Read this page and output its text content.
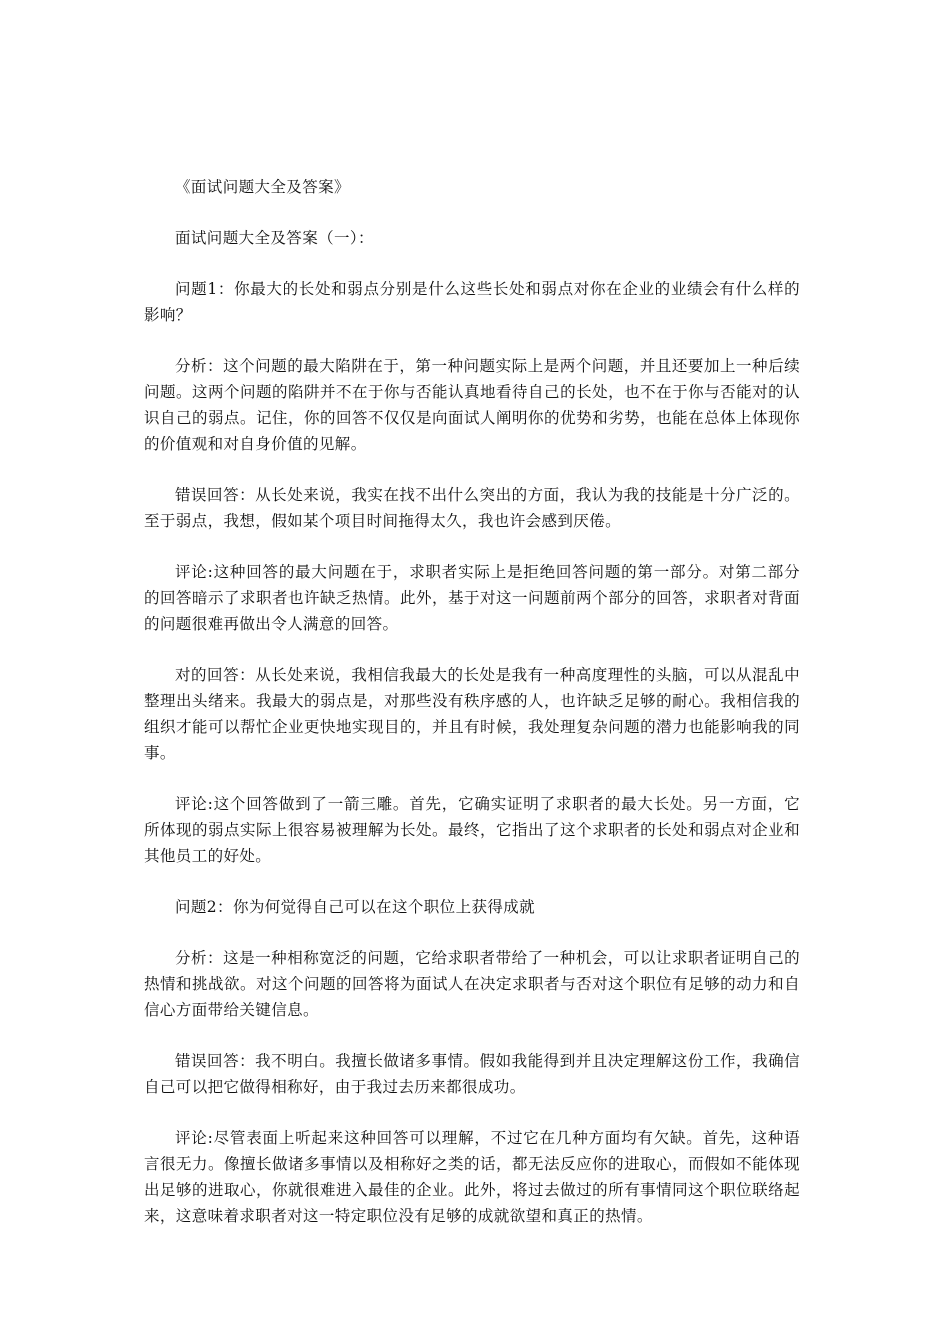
《面试问题大全及答案》

面试问题大全及答案（一）：

问题1：你最大的长处和弱点分别是什么这些长处和弱点对你在企业的业绩会有什么样的影响？

分析：这个问题的最大陷阱在于，第一种问题实际上是两个问题，并且还要加上一种后续问题。这两个问题的陷阱并不在于你与否能认真地看待自己的长处，也不在于你与否能对的认识自己的弱点。记住，你的回答不仅仅是向面试人阐明你的优势和劣势，也能在总体上体现你的价值观和对自身价值的见解。

错误回答：从长处来说，我实在找不出什么突出的方面，我认为我的技能是十分广泛的。至于弱点，我想，假如某个项目时间拖得太久，我也许会感到厌倦。

评论:这种回答的最大问题在于，求职者实际上是拒绝回答问题的第一部分。对第二部分的回答暗示了求职者也许缺乏热情。此外，基于对这一问题前两个部分的回答，求职者对背面的问题很难再做出令人满意的回答。

对的回答：从长处来说，我相信我最大的长处是我有一种高度理性的头脑，可以从混乱中整理出头绪来。我最大的弱点是，对那些没有秩序感的人，也许缺乏足够的耐心。我相信我的组织才能可以帮忙企业更快地实现目的，并且有时候，我处理复杂问题的潜力也能影响我的同事。

评论:这个回答做到了一箭三雕。首先，它确实证明了求职者的最大长处。另一方面，它所体现的弱点实际上很容易被理解为长处。最终，它指出了这个求职者的长处和弱点对企业和其他员工的好处。

问题2：你为何觉得自己可以在这个职位上获得成就

分析：这是一种相称宽泛的问题，它给求职者带给了一种机会，可以让求职者证明自己的热情和挑战欲。对这个问题的回答将为面试人在决定求职者与否对这个职位有足够的动力和自信心方面带给关键信息。

错误回答：我不明白。我擅长做诸多事情。假如我能得到并且决定理解这份工作，我确信自己可以把它做得相称好，由于我过去历来都很成功。

评论:尽管表面上听起来这种回答可以理解，不过它在几种方面均有欠缺。首先，这种语言很无力。像擅长做诸多事情以及相称好之类的话，都无法反应你的进取心，而假如不能体现出足够的进取心，你就很难进入最佳的企业。此外，将过去做过的所有事情同这个职位联络起来，这意味着求职者对这一特定职位没有足够的成就欲望和真正的热情。
